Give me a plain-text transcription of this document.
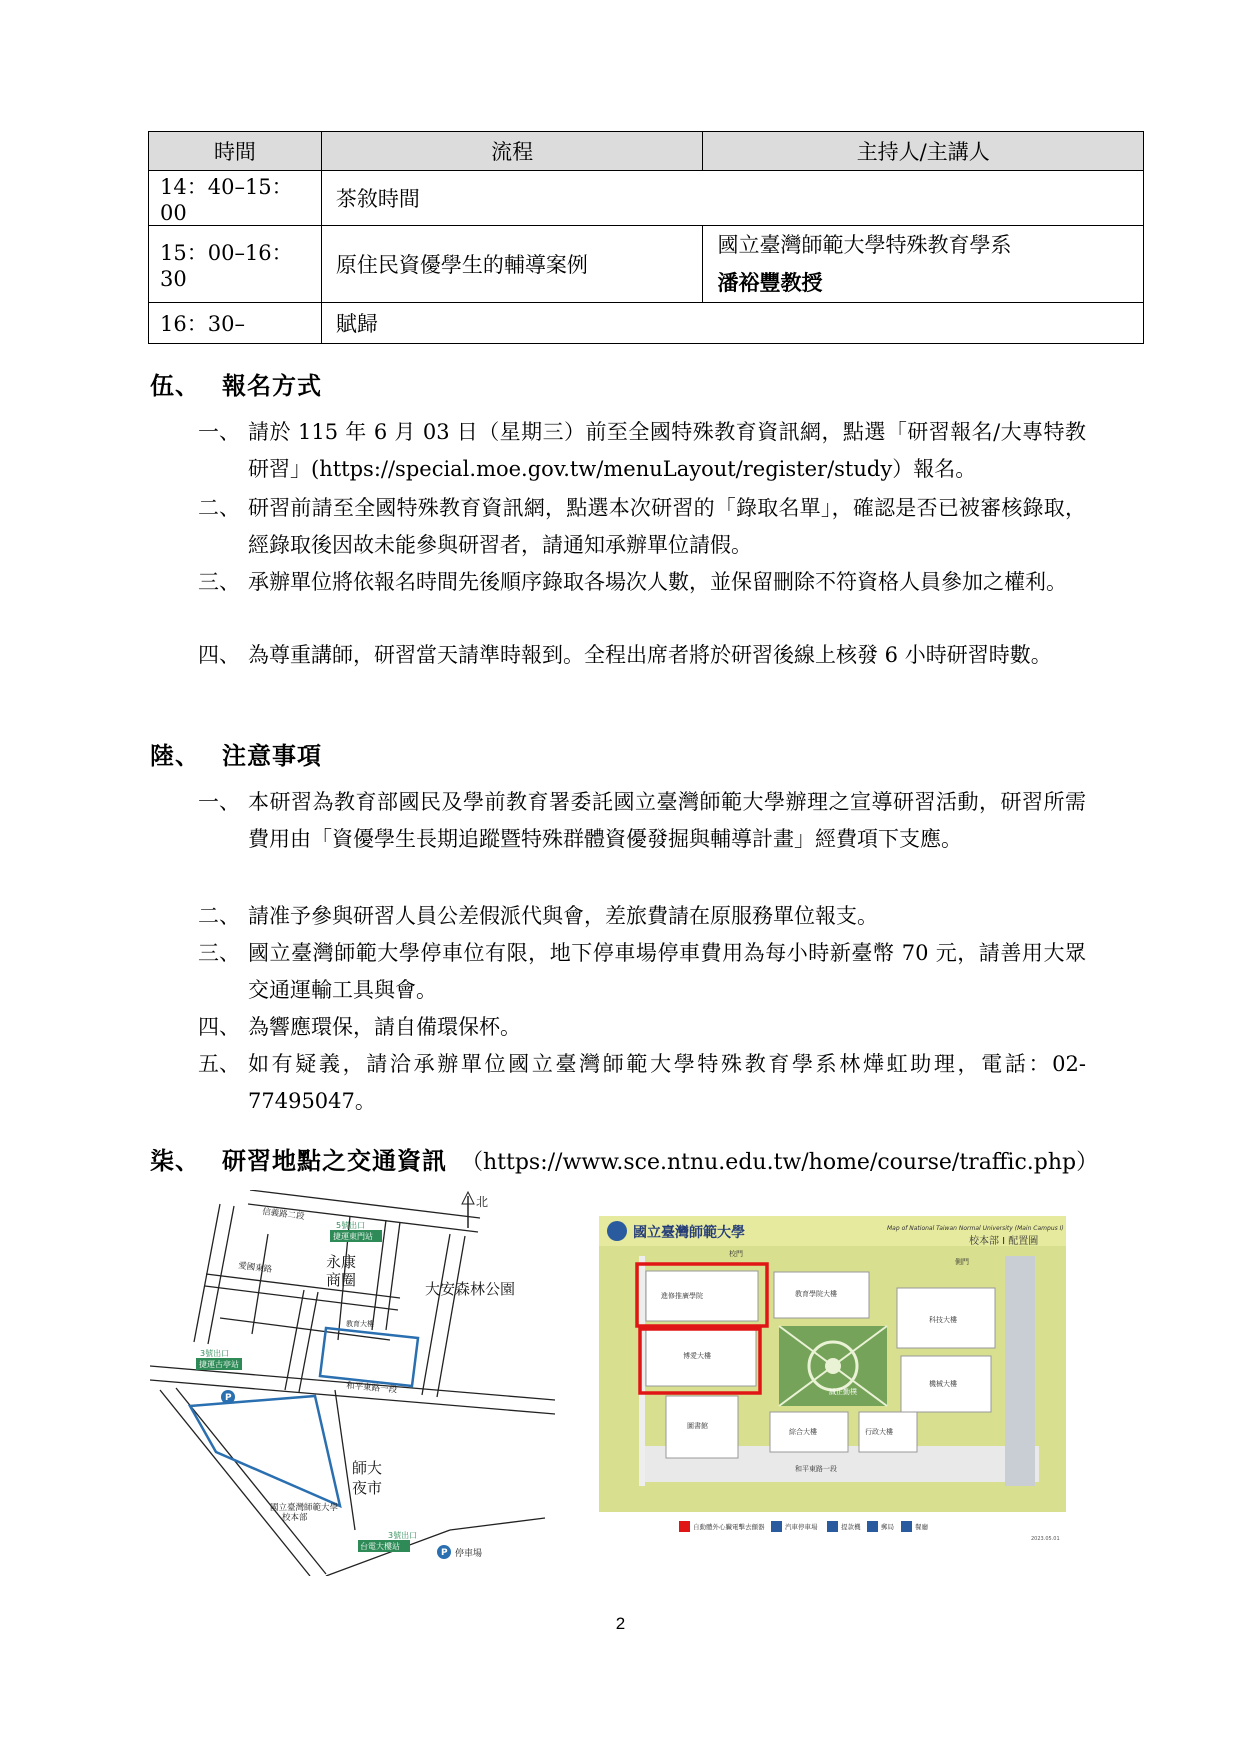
時間	流程	主持人/主講人
14：40–15：00	茶敘時間	
15：00–16：30	原住民資優學生的輔導案例	國立臺灣師範大學特殊教育學系
潘裕豐教授

16：30–	賦歸	
伍、 報名方式
一、 請於 115 年 6 月 03 日（星期三）前至全國特殊教育資訊網，點選「研習報名/大專特教研習」(https://special.moe.gov.tw/menuLayout/register/study）報名。
二、 研習前請至全國特殊教育資訊網，點選本次研習的「錄取名單」，確認是否已被審核錄取，經錄取後因故未能參與研習者，請通知承辦單位請假。
三、 承辦單位將依報名時間先後順序錄取各場次人數，並保留刪除不符資格人員參加之權利。
四、 為尊重講師，研習當天請準時報到。全程出席者將於研習後線上核發 6 小時研習時數。
陸、 注意事項
一、 本研習為教育部國民及學前教育署委託國立臺灣師範大學辦理之宣導研習活動，研習所需費用由「資優學生長期追蹤暨特殊群體資優發掘與輔導計畫」經費項下支應。
二、 請准予參與研習人員公差假派代與會，差旅費請在原服務單位報支。
三、 國立臺灣師範大學停車位有限，地下停車場停車費用為每小時新臺幣 70 元，請善用大眾交通運輸工具與會。
四、 為響應環保，請自備環保杯。
五、 如有疑義，請洽承辦單位國立臺灣師範大學特殊教育學系林燁虹助理，電話：02-77495047。
柒、 研習地點之交通資訊 （https://www.sce.ntnu.edu.tw/home/course/traffic.php）
捷運東門站
捷運古亭站
台電大樓站
5號出口
3號出口
3號出口
P
P 停車場
北
永康
商圈	大安森林公園
師大
夜市
信義路二段
愛國東路
和平東路一段
國立臺灣師範大學
校本部
教育大樓
國立臺灣師範大學	Map of National Taiwan Normal University (Main Campus I)
校本部 I 配置圖
進修推廣學院	教育學院大樓
科技大樓
博愛大樓
機械大樓
圖書館
綜合大樓	行政大樓
誠正勤樸
校門
側門
和平東路一段
自動體外心臟電擊去顫器	汽車停車場	提款機	郵局	餐廳
2023.05.01
2
